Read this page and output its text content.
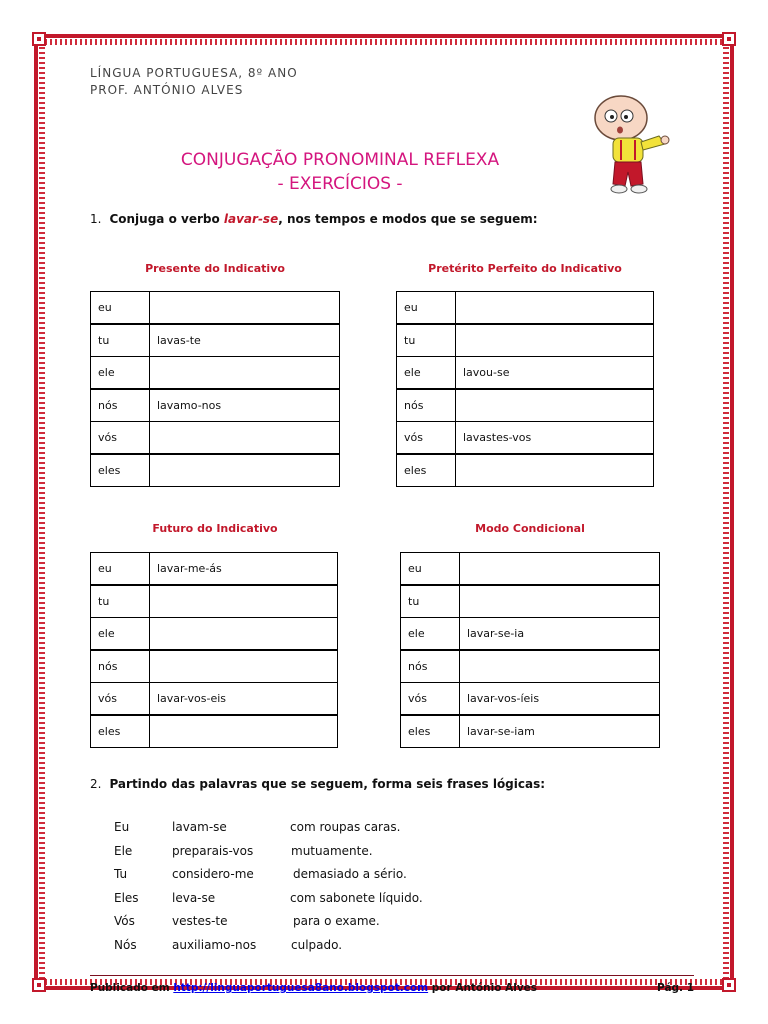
LÍNGUA PORTUGUESA, 8º ANO
PROF. ANTÓNIO ALVES
CONJUGAÇÃO PRONOMINAL REFLEXA
- EXERCÍCIOS -
1. Conjuga o verbo lavar-se, nos tempos e modos que se seguem:
Presente do Indicativo	Pretérito Perfeito do Indicativo
Futuro do Indicativo	Modo Condicional
eu	
tu	lavas-te
ele	
nós	lavamo-nos
vós	
eles	
eu	
tu	
ele	lavou-se
nós	
vós	lavastes-vos
eles	
eu	lavar-me-ás
tu	
ele	
nós	
vós	lavar-vos-eis
eles	
eu	
tu	
ele	lavar-se-ia
nós	
vós	lavar-vos-íeis
eles	lavar-se-iam
2. Partindo das palavras que se seguem, forma seis frases lógicas:
Eu	lavam-se	com roupas caras.
Ele	preparais-vos	mutuamente.
Tu	considero-me	demasiado a sério.
Eles	leva-se	com sabonete líquido.
Vós	vestes-te	para o exame.
Nós	auxiliamo-nos	culpado.
Publicado em http://linguaportuguesa8ano.blogspot.com por António Alves	Pág. 1
